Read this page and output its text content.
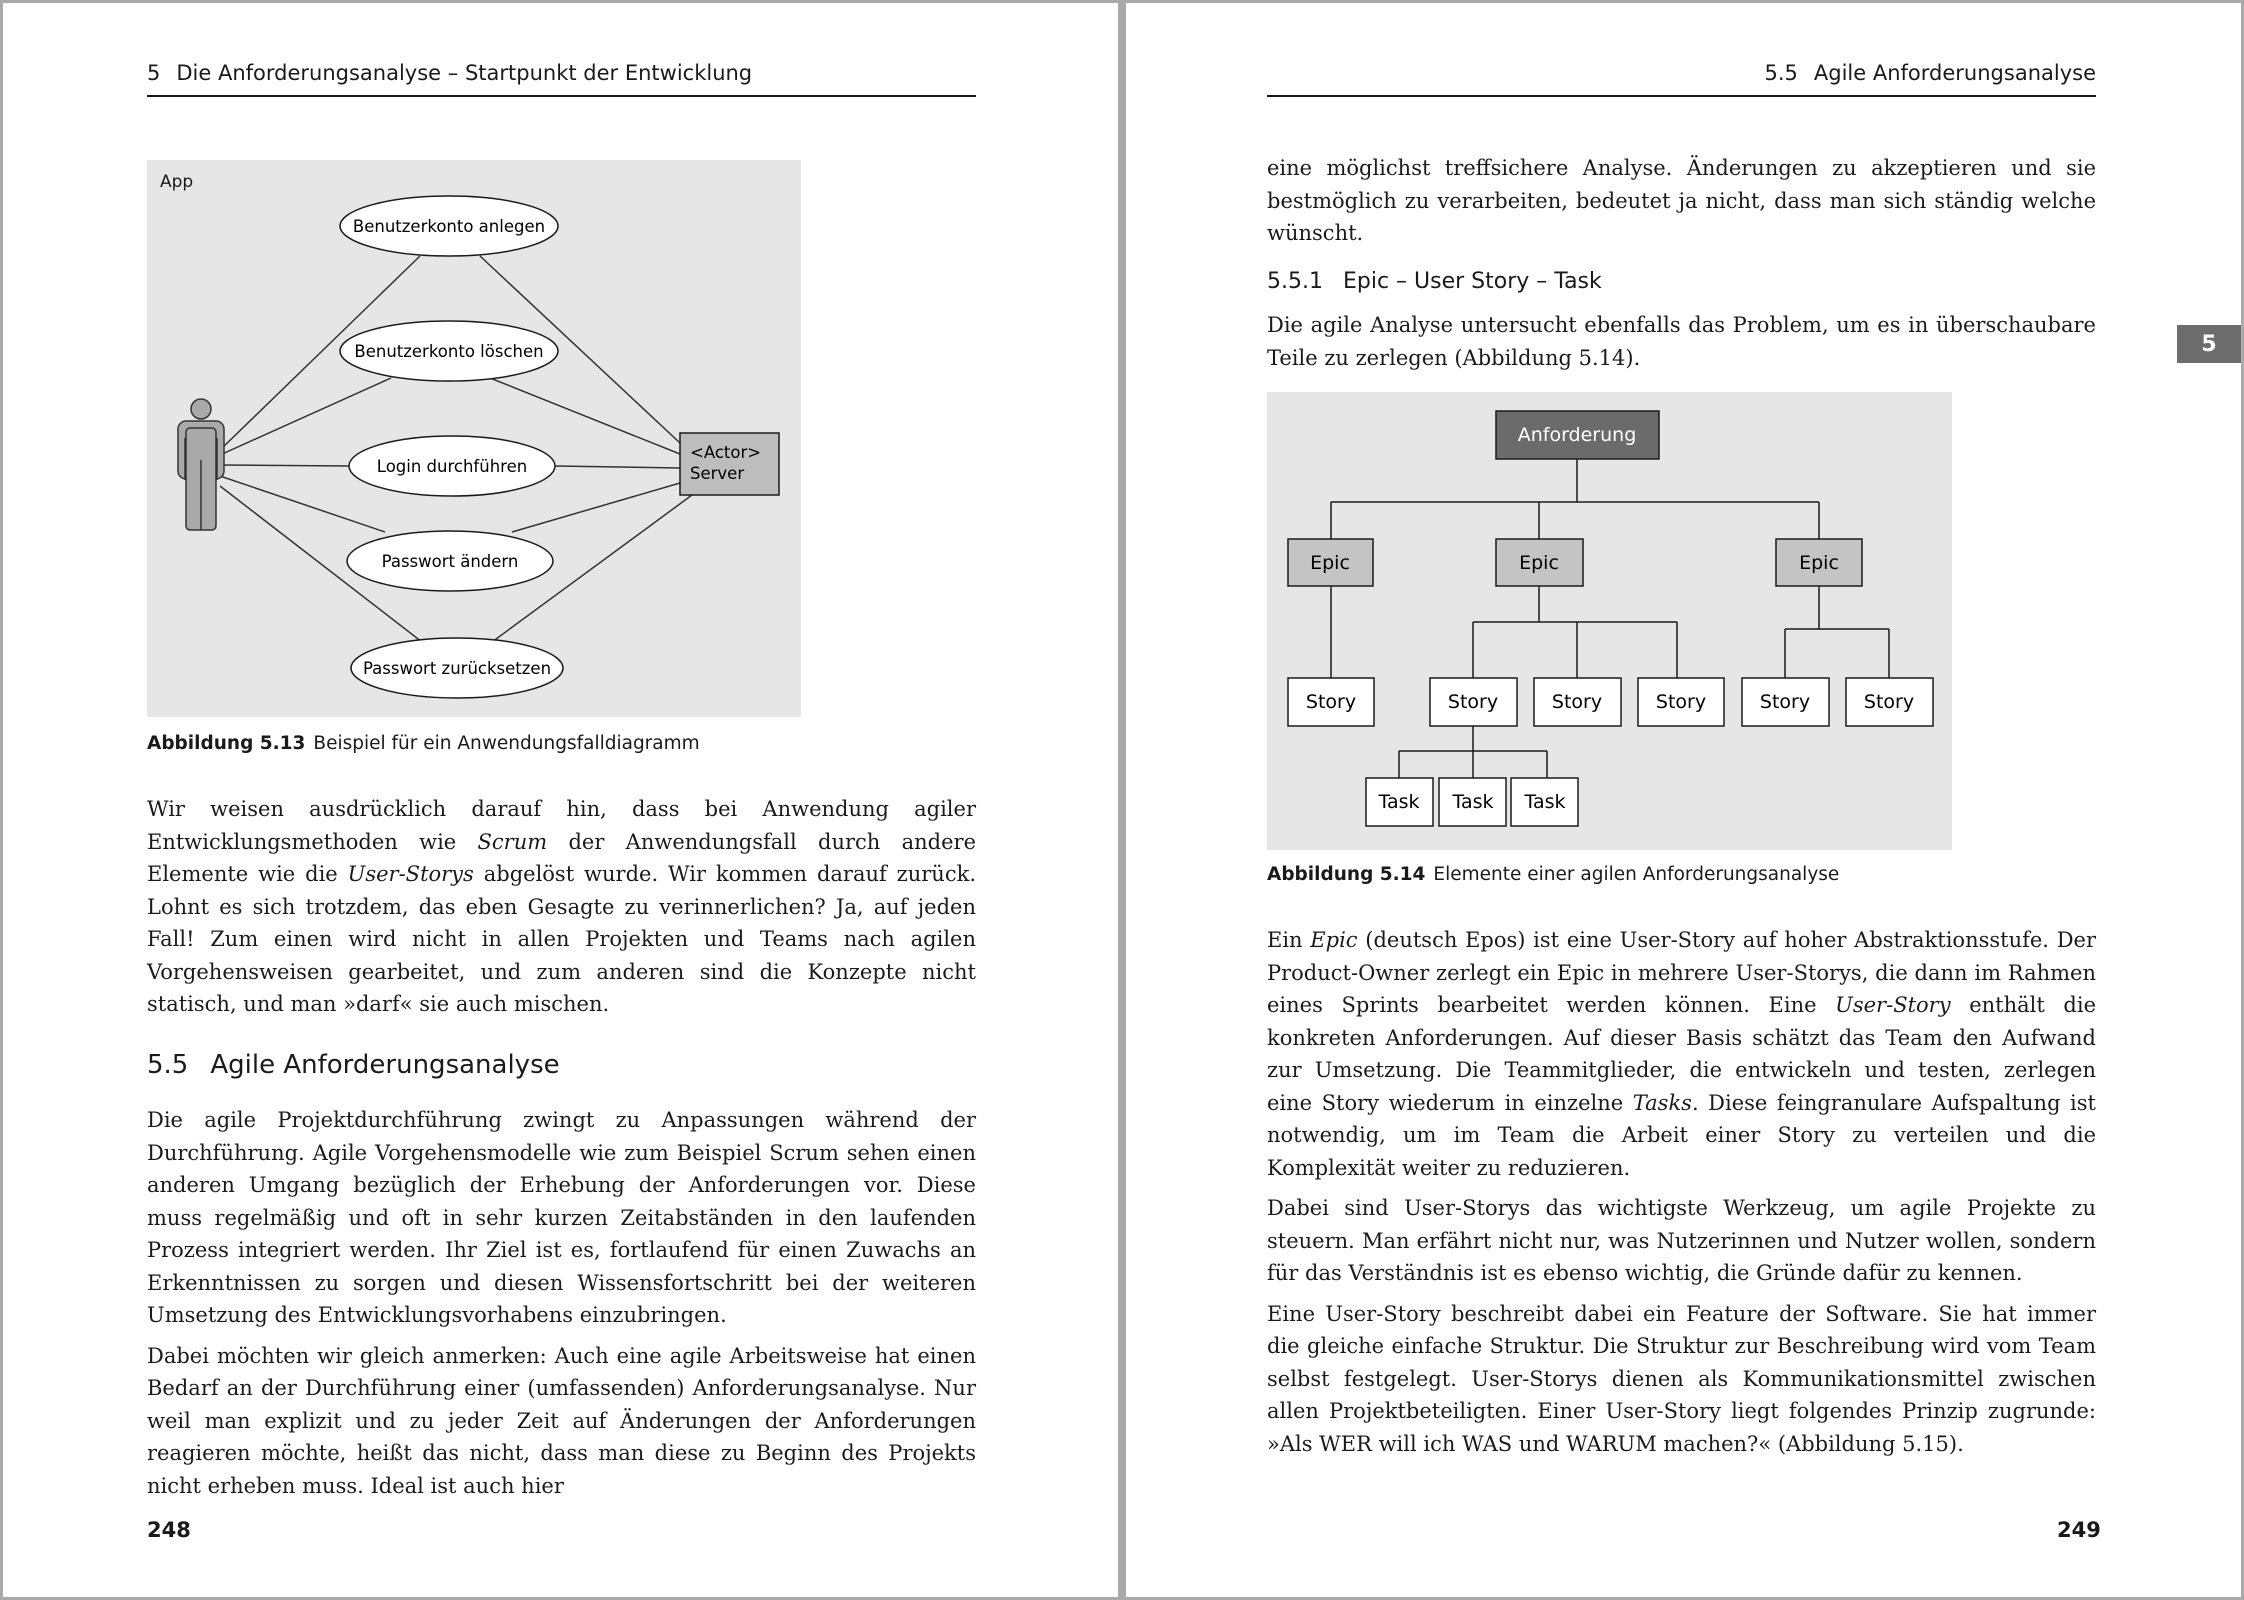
5 Die Anforderungsanalyse – Startpunkt der Entwicklung
App
Benutzerkonto anlegen
Benutzerkonto löschen
Login durchführen
Passwort ändern
Passwort zurücksetzen
<Actor>
Server
Abbildung 5.13 Beispiel für ein Anwendungsfalldiagramm

Wir weisen ausdrücklich darauf hin, dass bei Anwendung agiler Entwicklungsmethoden wie Scrum der Anwendungsfall durch andere Elemente wie die User-Storys abgelöst wurde. Wir kommen darauf zurück. Lohnt es sich trotzdem, das eben Gesagte zu verinnerlichen? Ja, auf jeden Fall! Zum einen wird nicht in allen Projekten und Teams nach agilen Vorgehensweisen gearbeitet, und zum anderen sind die Konzepte nicht statisch, und man »darf« sie auch mischen.

5.5 Agile Anforderungsanalyse

Die agile Projektdurchführung zwingt zu Anpassungen während der Durchführung. Agile Vorgehensmodelle wie zum Beispiel Scrum sehen einen anderen Umgang bezüglich der Erhebung der Anforderungen vor. Diese muss regelmäßig und oft in sehr kurzen Zeitabständen in den laufenden Prozess integriert werden. Ihr Ziel ist es, fortlaufend für einen Zuwachs an Erkenntnissen zu sorgen und diesen Wissensfortschritt bei der weiteren Umsetzung des Entwicklungsvorhabens einzubringen.

Dabei möchten wir gleich anmerken: Auch eine agile Arbeitsweise hat einen Bedarf an der Durchführung einer (umfassenden) Anforderungsanalyse. Nur weil man explizit und zu jeder Zeit auf Änderungen der Anforderungen reagieren möchte, heißt das nicht, dass man diese zu Beginn des Projekts nicht erheben muss. Ideal ist auch hier

248
5.5 Agile Anforderungsanalyse
5

eine möglichst treffsichere Analyse. Änderungen zu akzeptieren und sie bestmöglich zu verarbeiten, bedeutet ja nicht, dass man sich ständig welche wünscht.

5.5.1 Epic – User Story – Task

Die agile Analyse untersucht ebenfalls das Problem, um es in überschaubare Teile zu zerlegen (Abbildung 5.14).

Anforderung
Epic	Epic	Epic
Story	Story	Story	Story	Story	Story
Task Task Task
Abbildung 5.14 Elemente einer agilen Anforderungsanalyse

Ein Epic (deutsch Epos) ist eine User-Story auf hoher Abstraktionsstufe. Der Product-Owner zerlegt ein Epic in mehrere User-Storys, die dann im Rahmen eines Sprints bearbeitet werden können. Eine User-Story enthält die konkreten Anforderungen. Auf dieser Basis schätzt das Team den Aufwand zur Umsetzung. Die Teammitglieder, die entwickeln und testen, zerlegen eine Story wiederum in einzelne Tasks. Diese feingranulare Aufspaltung ist notwendig, um im Team die Arbeit einer Story zu verteilen und die Komplexität weiter zu reduzieren.

Dabei sind User-Storys das wichtigste Werkzeug, um agile Projekte zu steuern. Man erfährt nicht nur, was Nutzerinnen und Nutzer wollen, sondern für das Verständnis ist es ebenso wichtig, die Gründe dafür zu kennen.

Eine User-Story beschreibt dabei ein Feature der Software. Sie hat immer die gleiche einfache Struktur. Die Struktur zur Beschreibung wird vom Team selbst festgelegt. User-Storys dienen als Kommunikationsmittel zwischen allen Projektbeteiligten. Einer User-Story liegt folgendes Prinzip zugrunde: »Als WER will ich WAS und WARUM machen?« (Abbildung 5.15).

249
